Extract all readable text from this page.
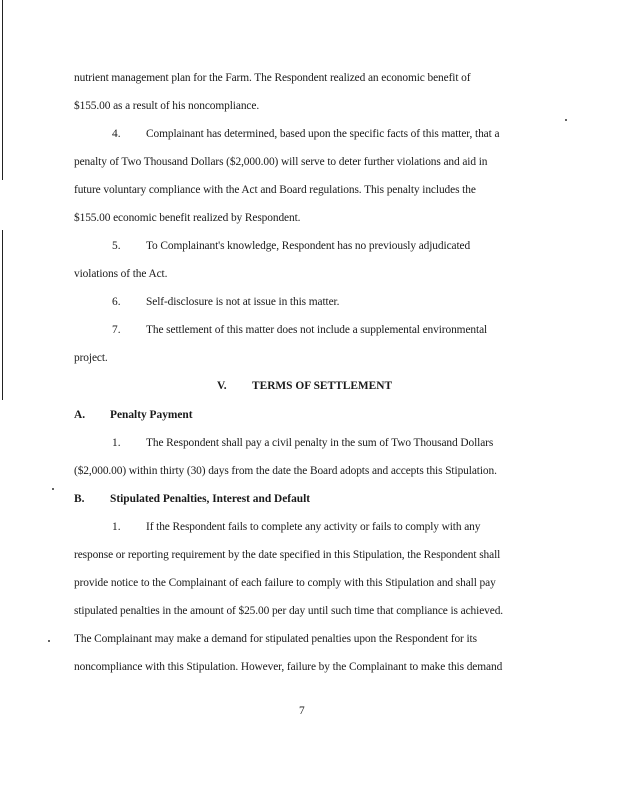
nutrient management plan for the Farm. The Respondent realized an economic benefit of
$155.00 as a result of his noncompliance.
4. Complainant has determined, based upon the specific facts of this matter, that a
penalty of Two Thousand Dollars ($2,000.00) will serve to deter further violations and aid in
future voluntary compliance with the Act and Board regulations. This penalty includes the
$155.00 economic benefit realized by Respondent.
5. To Complainant's knowledge, Respondent has no previously adjudicated
violations of the Act.
6. Self-disclosure is not at issue in this matter.
7. The settlement of this matter does not include a supplemental environmental
project.
V. TERMS OF SETTLEMENT
A. Penalty Payment
1. The Respondent shall pay a civil penalty in the sum of Two Thousand Dollars
($2,000.00) within thirty (30) days from the date the Board adopts and accepts this Stipulation.
B. Stipulated Penalties, Interest and Default
1. If the Respondent fails to complete any activity or fails to comply with any
response or reporting requirement by the date specified in this Stipulation, the Respondent shall
provide notice to the Complainant of each failure to comply with this Stipulation and shall pay
stipulated penalties in the amount of $25.00 per day until such time that compliance is achieved.
The Complainant may make a demand for stipulated penalties upon the Respondent for its
noncompliance with this Stipulation. However, failure by the Complainant to make this demand
7
